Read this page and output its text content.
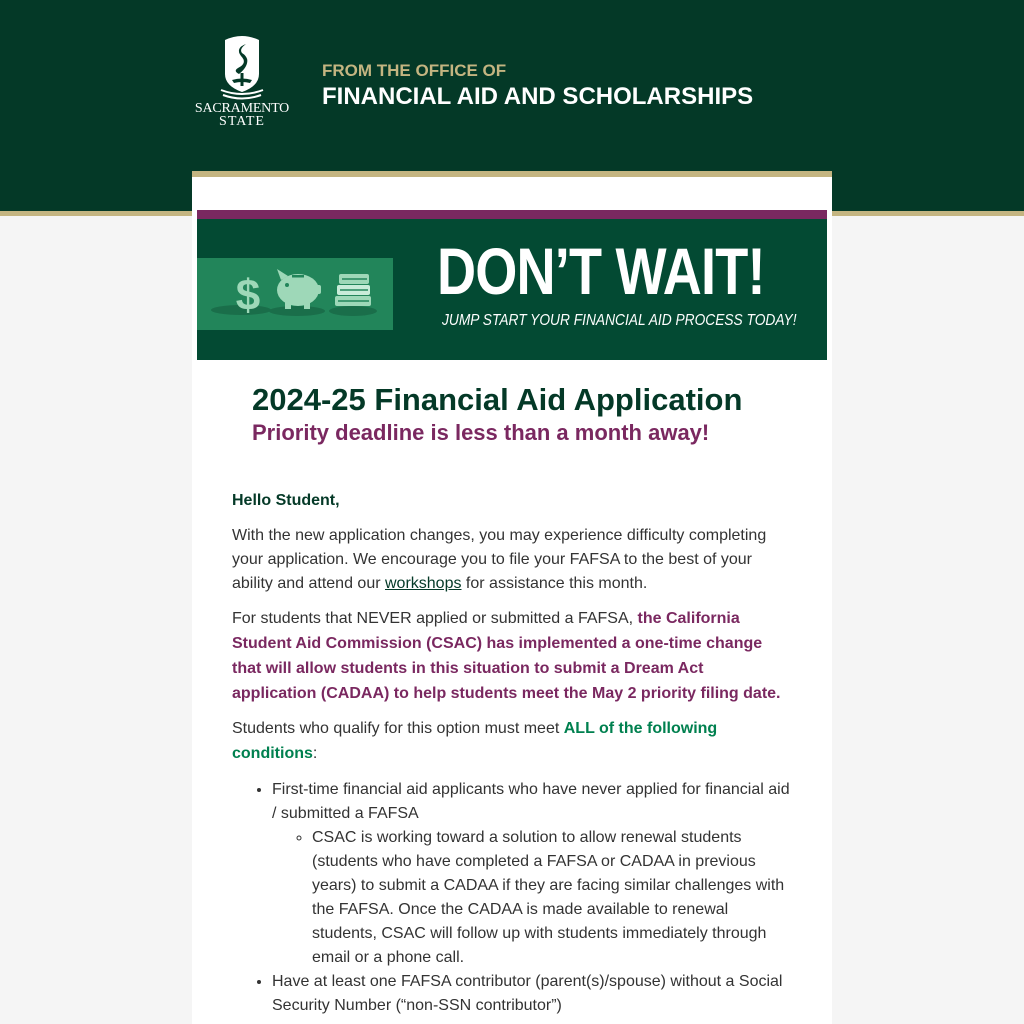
SACRAMENTO
STATE
FROM THE OFFICE OF
FINANCIAL AID AND SCHOLARSHIPS
$	DON’T WAIT!
JUMP START YOUR FINANCIAL AID PROCESS TODAY!
2024-25 Financial Aid Application
Priority deadline is less than a month away!

Hello Student,

With the new application changes, you may experience difficulty completing your application. We encourage you to file your FAFSA to the best of your ability and attend our workshops for assistance this month.

For students that NEVER applied or submitted a FAFSA, the California Student Aid Commission (CSAC) has implemented a one-time change that will allow students in this situation to submit a Dream Act application (CADAA) to help students meet the May 2 priority filing date.

Students who qualify for this option must meet ALL of the following conditions:

• First-time financial aid applicants who have never applied for financial aid / submitted a FAFSA
◦ CSAC is working toward a solution to allow renewal students (students who have completed a FAFSA or CADAA in previous years) to submit a CADAA if they are facing similar challenges with the FAFSA. Once the CADAA is made available to renewal students, CSAC will follow up with students immediately through email or a phone call.
• Have at least one FAFSA contributor (parent(s)/spouse) without a Social Security Number (“non-SSN contributor”)
